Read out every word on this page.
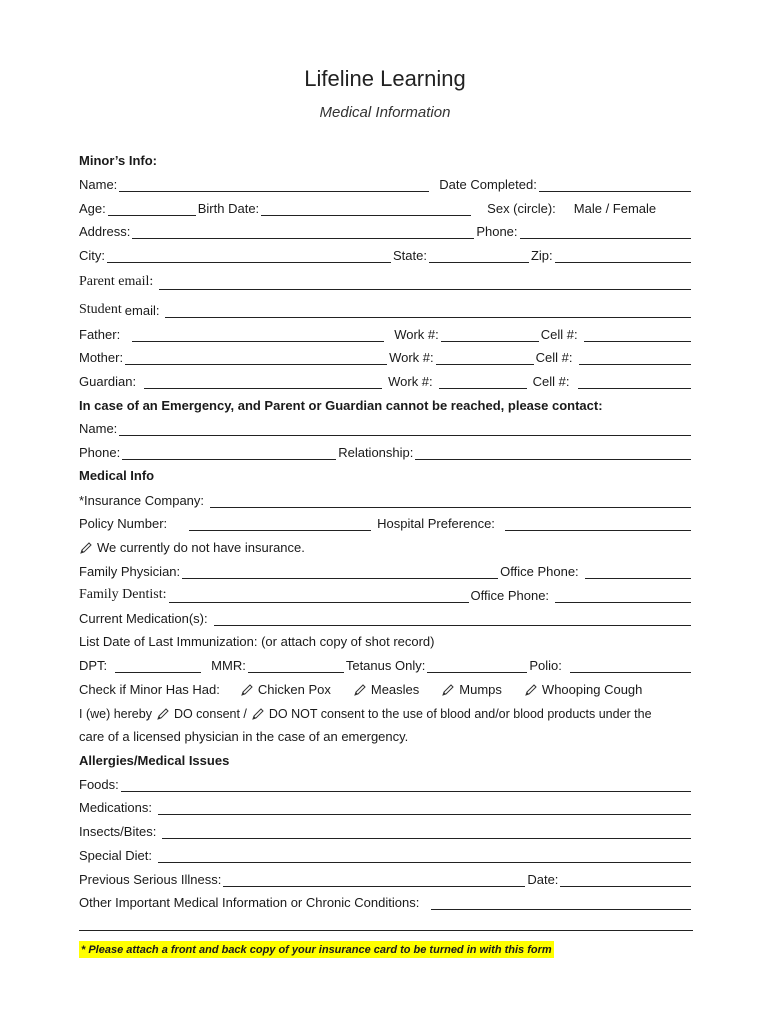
Lifeline Learning
Medical Information
Minor’s Info:
Name:	Date Completed:
Age:	Birth Date:	Sex (circle): Male / Female
Address:	Phone:
City:	State:	Zip:
Parent email:
Student email:
Father:	Work #:	Cell #:
Mother:	Work #:	Cell #:
Guardian:	Work #:	Cell #:
In case of an Emergency, and Parent or Guardian cannot be reached, please contact:
Name:
Phone:	Relationship:
Medical Info
*Insurance Company:
Policy Number:	Hospital Preference:
We currently do not have insurance.
Family Physician:	Office Phone:
Family Dentist:	Office Phone:
Current Medication(s):
List Date of Last Immunization: (or attach copy of shot record)
DPT:	MMR:	Tetanus Only:	Polio:
Check if Minor Has Had:	Chicken Pox	Measles	Mumps	Whooping Cough
I (we) hereby DO consent / DO NOT consent to the use of blood and/or blood products under the
care of a licensed physician in the case of an emergency.
Allergies/Medical Issues
Foods:
Medications:
Insects/Bites:
Special Diet:
Previous Serious Illness:	Date:
Other Important Medical Information or Chronic Conditions:
* Please attach a front and back copy of your insurance card to be turned in with this form
